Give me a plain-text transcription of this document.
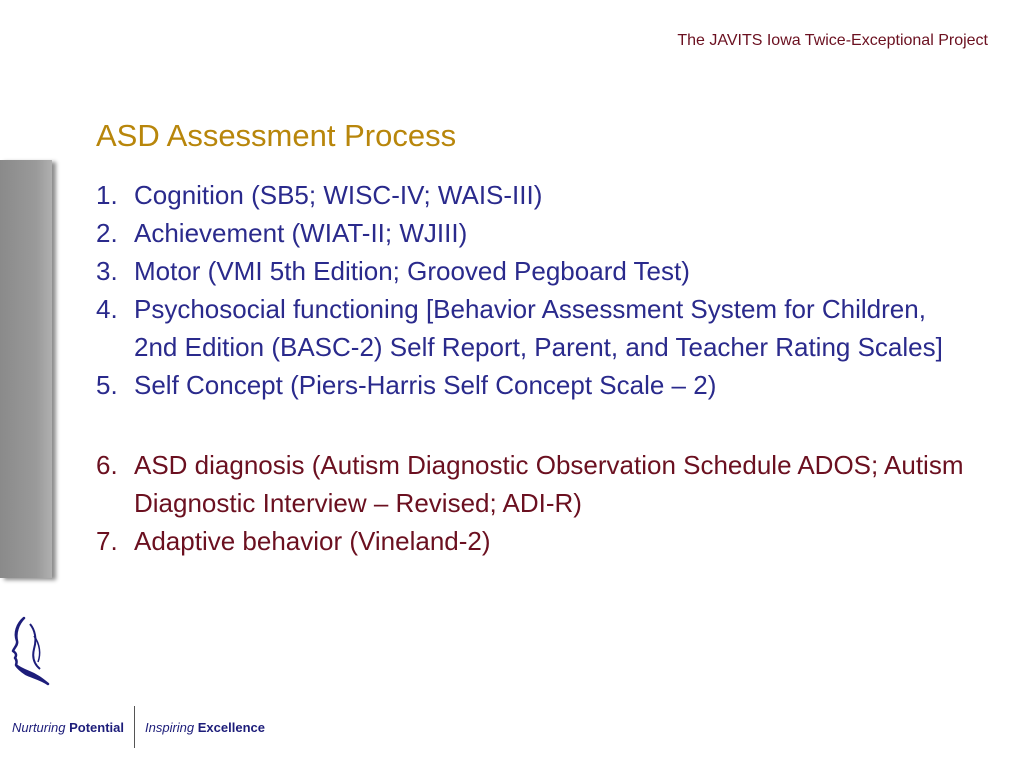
The JAVITS Iowa Twice-Exceptional Project
ASD Assessment Process
1. Cognition (SB5; WISC-IV; WAIS-III)
2. Achievement (WIAT-II; WJIII)
3. Motor (VMI 5th Edition; Grooved Pegboard Test)
4. Psychosocial functioning [Behavior Assessment System for Children, 2nd Edition (BASC-2) Self Report, Parent, and Teacher Rating Scales]
5. Self Concept (Piers-Harris Self Concept Scale – 2)
6. ASD diagnosis (Autism Diagnostic Observation Schedule ADOS; Autism Diagnostic Interview – Revised; ADI-R)
7. Adaptive behavior (Vineland-2)
Nurturing Potential Inspiring Excellence
